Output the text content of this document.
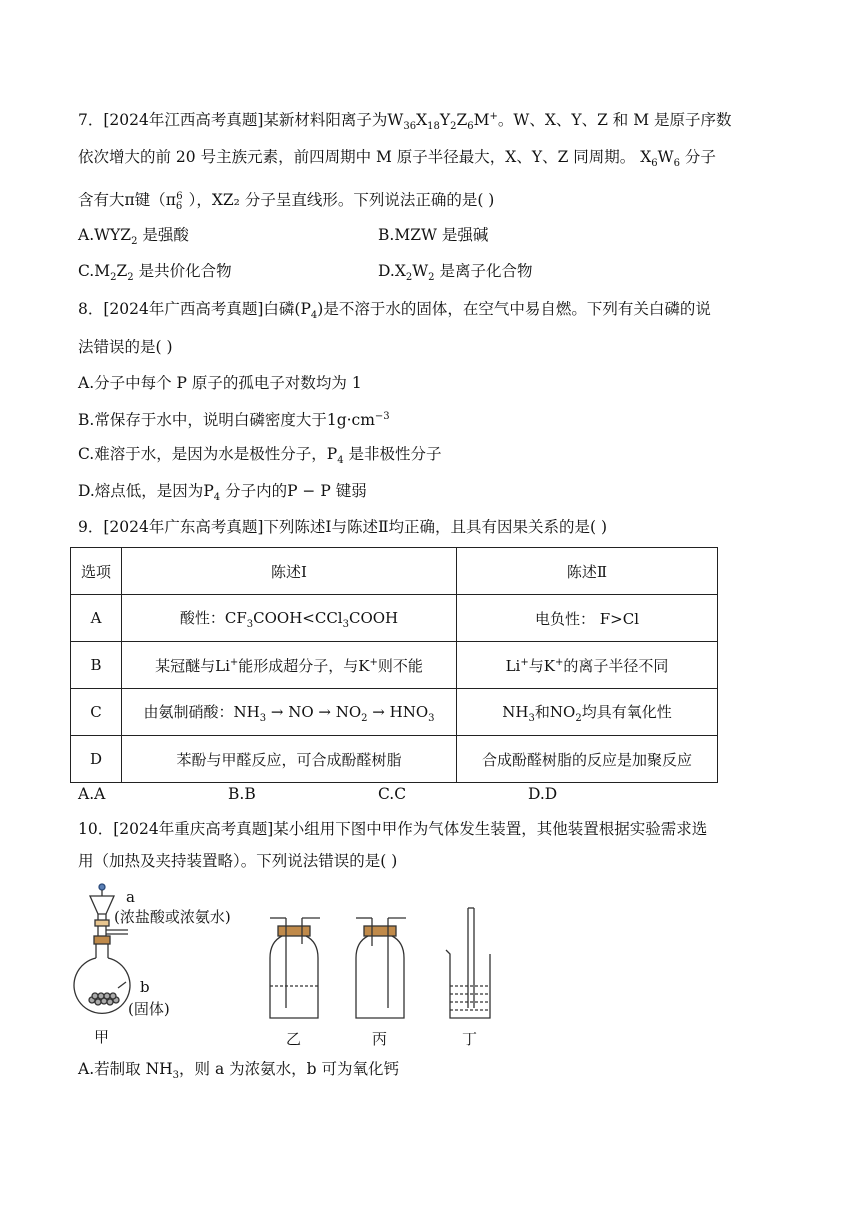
7．[2024年江西高考真题]某新材料阳离子为$W_{36}X_{18}Y_2Z_6M^+$。W、X、Y、Z 和 M 是原子序数
依次增大的前 20 号主族元素，前四周期中 M 原子半径最大，X、Y、Z 同周期。 $X_6W_6$ 分子
含有大π键（$\pi_6^6$ ），XZ₂ 分子呈直线形。下列说法正确的是( )
$A.WYZ_2$ 是强酸	B.MZW 是强碱
$C.M_2Z_2$ 是共价化合物	$D.X_2W_2$ 是离子化合物
8．[2024年广西高考真题]白磷$(P_4)$是不溶于水的固体，在空气中易自燃。下列有关白磷的说
法错误的是( )
A.分子中每个 P 原子的孤电子对数均为 1
B.常保存于水中，说明白磷密度大于$1g\cdot cm^{-3}$
C.难溶于水，是因为水是极性分子，$P_4$ 是非极性分子
D.熔点低，是因为$P_4$ 分子内的P − P 键弱
9．[2024年广东高考真题]下列陈述Ⅰ与陈述Ⅱ均正确，且具有因果关系的是( )
选项	陈述Ⅰ	陈述Ⅱ
A	酸性：$CF_3COOH<CCl_3COOH$	电负性： F>Cl
B	某冠醚与Li+能形成超分子，与K+则不能	Li+与K+的离子半径不同
C	由氨制硝酸：$NH_3$ → NO → $NO_2 \to HNO_3$	$NH_3$和$NO_2$均具有氧化性
D	苯酚与甲醛反应，可合成酚醛树脂	合成酚醛树脂的反应是加聚反应
A.A	B.B	C.C	D.D
10．[2024年重庆高考真题]某小组用下图中甲作为气体发生装置，其他装置根据实验需求选
用（加热及夹持装置略）。下列说法错误的是( )
a
(浓盐酸或浓氨水)
b
(固体)
甲	乙	丙	丁
A.若制取 $NH_3$，则 a 为浓氨水，b 可为氧化钙
